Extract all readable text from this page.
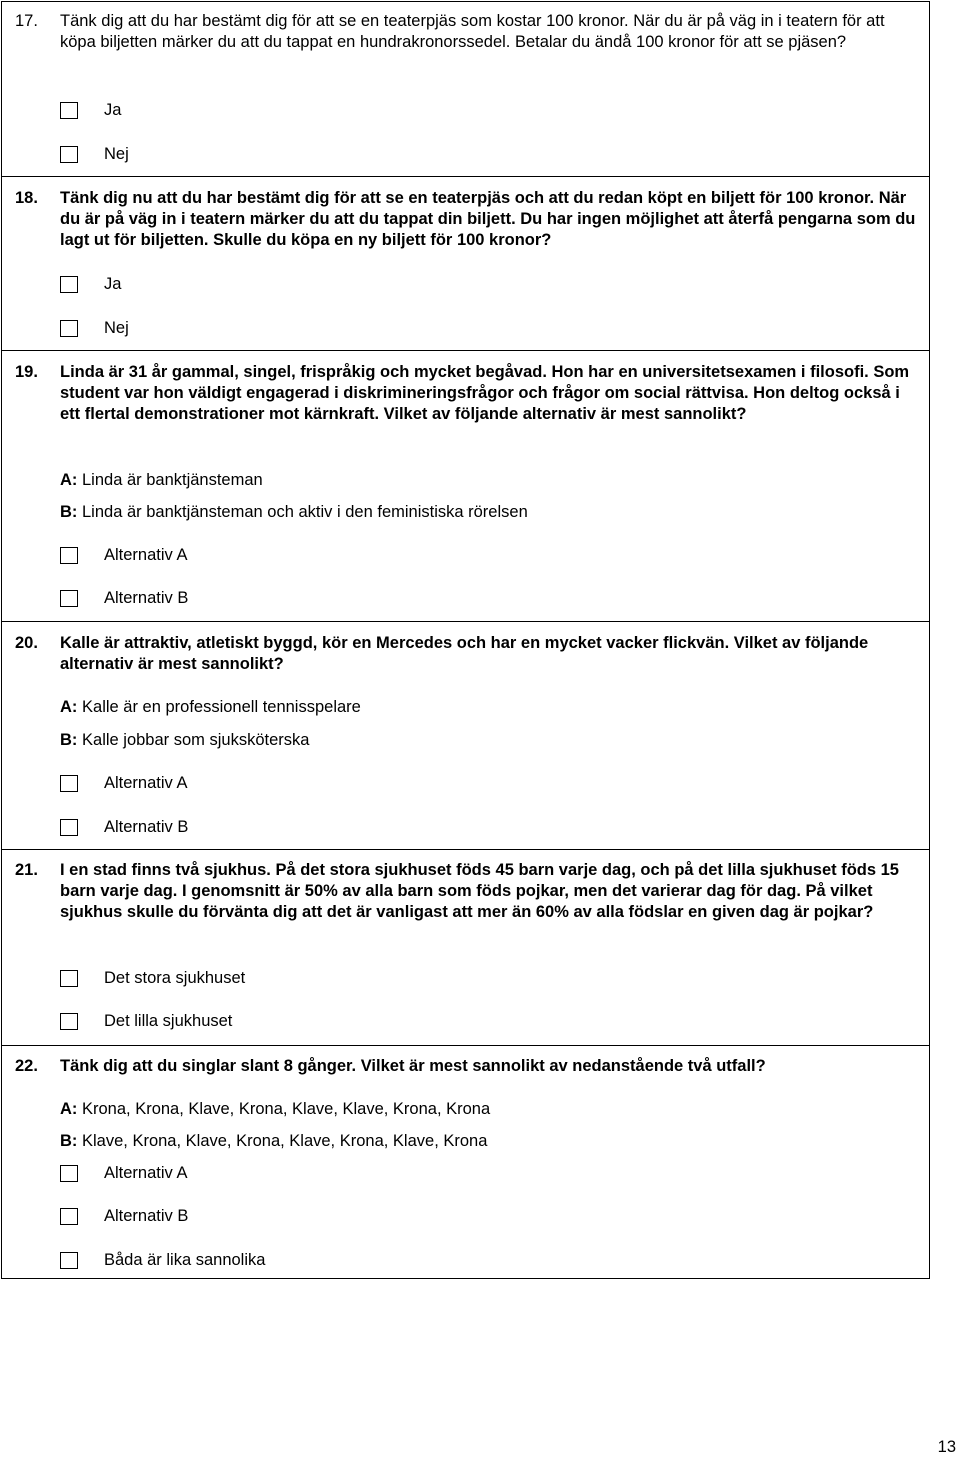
17. Tänk dig att du har bestämt dig för att se en teaterpjäs som kostar 100 kronor. När du är på väg in i teatern för att köpa biljetten märker du att du tappat en hundrakronorssedel. Betalar du ändå 100 kronor för att se pjäsen?
Ja
Nej
18. Tänk dig nu att du har bestämt dig för att se en teaterpjäs och att du redan köpt en biljett för 100 kronor. När du är på väg in i teatern märker du att du tappat din biljett. Du har ingen möjlighet att återfå pengarna som du lagt ut för biljetten. Skulle du köpa en ny biljett för 100 kronor?
Ja
Nej
19. Linda är 31 år gammal, singel, frispråkig och mycket begåvad. Hon har en universitetsexamen i filosofi. Som student var hon väldigt engagerad i diskrimineringsfrågor och frågor om social rättvisa. Hon deltog också i ett flertal demonstrationer mot kärnkraft. Vilket av följande alternativ är mest sannolikt?
A: Linda är banktjänsteman
B: Linda är banktjänsteman och aktiv i den feministiska rörelsen
Alternativ A
Alternativ B
20. Kalle är attraktiv, atletiskt byggd, kör en Mercedes och har en mycket vacker flickvän. Vilket av följande alternativ är mest sannolikt?
A: Kalle är en professionell tennisspelare
B: Kalle jobbar som sjuksköterska
Alternativ A
Alternativ B
21. I en stad finns två sjukhus. På det stora sjukhuset föds 45 barn varje dag, och på det lilla sjukhuset föds 15 barn varje dag. I genomsnitt är 50% av alla barn som föds pojkar, men det varierar dag för dag. På vilket sjukhus skulle du förvänta dig att det är vanligast att mer än 60% av alla födslar en given dag är pojkar?
Det stora sjukhuset
Det lilla sjukhuset
22. Tänk dig att du singlar slant 8 gånger. Vilket är mest sannolikt av nedanstående två utfall?
A: Krona, Krona, Klave, Krona, Klave, Klave, Krona, Krona
B: Klave, Krona, Klave, Krona, Klave, Krona, Klave, Krona
Alternativ A
Alternativ B
Båda är lika sannolika
13
